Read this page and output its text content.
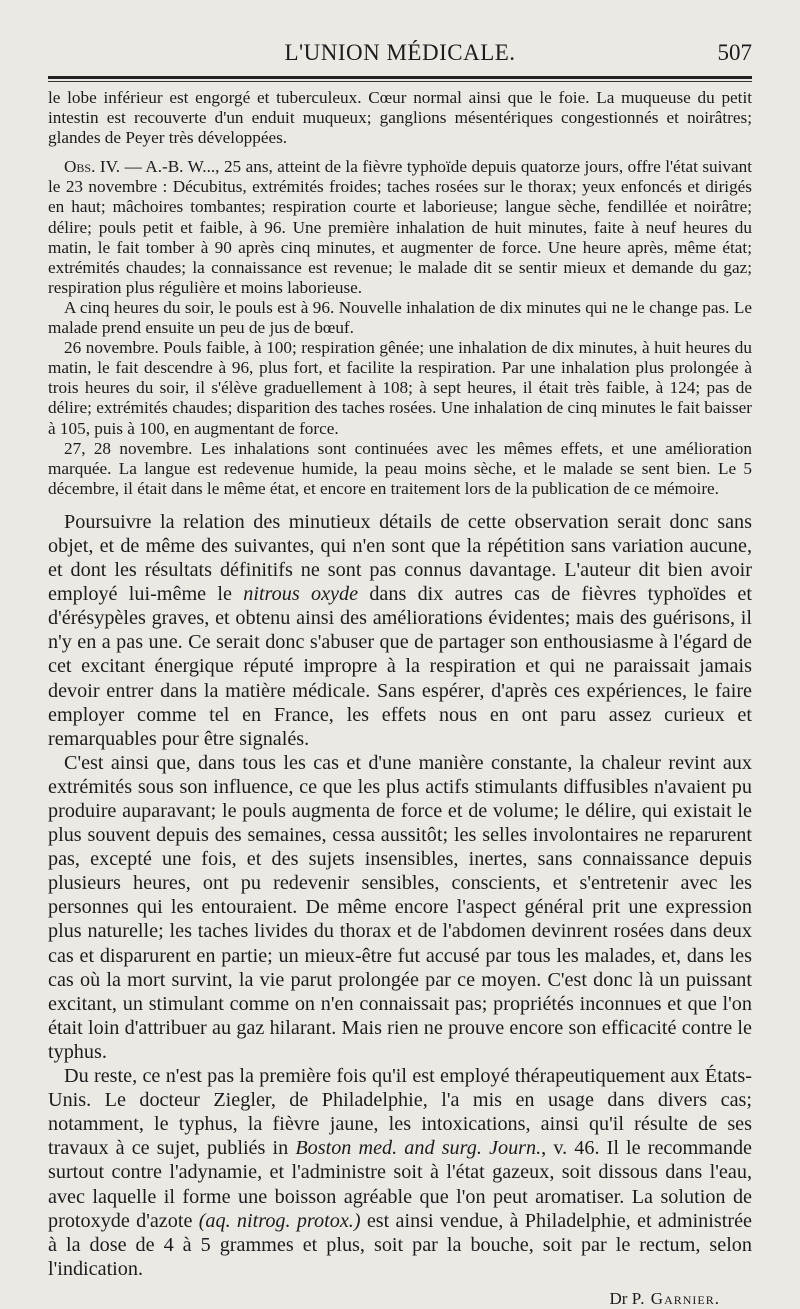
L'UNION MÉDICALE.	507

le lobe inférieur est engorgé et tuberculeux. Cœur normal ainsi que le foie. La muqueuse du petit intestin est recouverte d'un enduit muqueux; ganglions mésentériques congestionnés et noirâtres; glandes de Peyer très développées.

Obs. IV. — A.-B. W..., 25 ans, atteint de la fièvre typhoïde depuis quatorze jours, offre l'état suivant le 23 novembre : Décubitus, extrémités froides; taches rosées sur le thorax; yeux enfoncés et dirigés en haut; mâchoires tombantes; respiration courte et laborieuse; langue sèche, fendillée et noirâtre; délire; pouls petit et faible, à 96. Une première inhalation de huit minutes, faite à neuf heures du matin, le fait tomber à 90 après cinq minutes, et augmenter de force. Une heure après, même état; extrémités chaudes; la connaissance est revenue; le malade dit se sentir mieux et demande du gaz; respiration plus régulière et moins laborieuse.

A cinq heures du soir, le pouls est à 96. Nouvelle inhalation de dix minutes qui ne le change pas. Le malade prend ensuite un peu de jus de bœuf.

26 novembre. Pouls faible, à 100; respiration gênée; une inhalation de dix minutes, à huit heures du matin, le fait descendre à 96, plus fort, et facilite la respiration. Par une inhalation plus prolongée à trois heures du soir, il s'élève graduellement à 108; à sept heures, il était très faible, à 124; pas de délire; extrémités chaudes; disparition des taches rosées. Une inhalation de cinq minutes le fait baisser à 105, puis à 100, en augmentant de force.

27, 28 novembre. Les inhalations sont continuées avec les mêmes effets, et une amélioration marquée. La langue est redevenue humide, la peau moins sèche, et le malade se sent bien. Le 5 décembre, il était dans le même état, et encore en traitement lors de la publication de ce mémoire.

Poursuivre la relation des minutieux détails de cette observation serait donc sans objet, et de même des suivantes, qui n'en sont que la répétition sans variation aucune, et dont les résultats définitifs ne sont pas connus davantage. L'auteur dit bien avoir employé lui-même le nitrous oxyde dans dix autres cas de fièvres typhoïdes et d'érésypèles graves, et obtenu ainsi des améliorations évidentes; mais des guérisons, il n'y en a pas une. Ce serait donc s'abuser que de partager son enthousiasme à l'égard de cet excitant énergique réputé impropre à la respiration et qui ne paraissait jamais devoir entrer dans la matière médicale. Sans espérer, d'après ces expériences, le faire employer comme tel en France, les effets nous en ont paru assez curieux et remarquables pour être signalés.

C'est ainsi que, dans tous les cas et d'une manière constante, la chaleur revint aux extrémités sous son influence, ce que les plus actifs stimulants diffusibles n'avaient pu produire auparavant; le pouls augmenta de force et de volume; le délire, qui existait le plus souvent depuis des semaines, cessa aussitôt; les selles involontaires ne reparurent pas, excepté une fois, et des sujets insensibles, inertes, sans connaissance depuis plusieurs heures, ont pu redevenir sensibles, conscients, et s'entretenir avec les personnes qui les entouraient. De même encore l'aspect général prit une expression plus naturelle; les taches livides du thorax et de l'abdomen devinrent rosées dans deux cas et disparurent en partie; un mieux-être fut accusé par tous les malades, et, dans les cas où la mort survint, la vie parut prolongée par ce moyen. C'est donc là un puissant excitant, un stimulant comme on n'en connaissait pas; propriétés inconnues et que l'on était loin d'attribuer au gaz hilarant. Mais rien ne prouve encore son efficacité contre le typhus.

Du reste, ce n'est pas la première fois qu'il est employé thérapeutiquement aux États-Unis. Le docteur Ziegler, de Philadelphie, l'a mis en usage dans divers cas; notamment, le typhus, la fièvre jaune, les intoxications, ainsi qu'il résulte de ses travaux à ce sujet, publiés in Boston med. and surg. Journ., v. 46. Il le recommande surtout contre l'adynamie, et l'administre soit à l'état gazeux, soit dissous dans l'eau, avec laquelle il forme une boisson agréable que l'on peut aromatiser. La solution de protoxyde d'azote (aq. nitrog. protox.) est ainsi vendue, à Philadelphie, et administrée à la dose de 4 à 5 grammes et plus, soit par la bouche, soit par le rectum, selon l'indication.

Dr P. Garnier.
